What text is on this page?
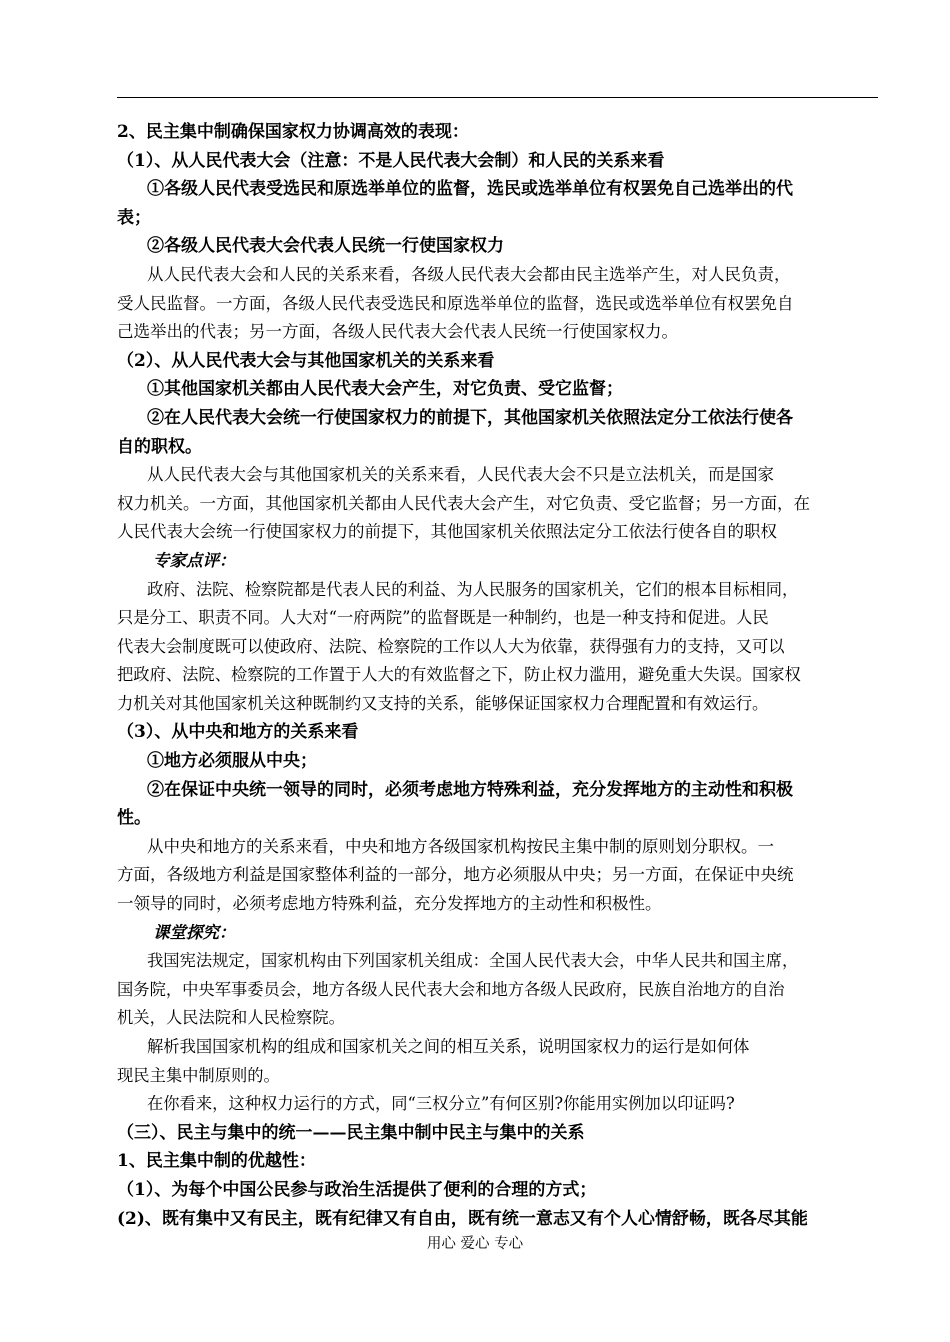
2、民主集中制确保国家权力协调高效的表现：
（1）、从人民代表大会（注意：不是人民代表大会制）和人民的关系来看
①各级人民代表受选民和原选举单位的监督，选民或选举单位有权罢免自己选举出的代
表；
②各级人民代表大会代表人民统一行使国家权力
从人民代表大会和人民的关系来看，各级人民代表大会都由民主选举产生，对人民负责，
受人民监督。一方面，各级人民代表受选民和原选举单位的监督，选民或选举单位有权罢免自
己选举出的代表；另一方面，各级人民代表大会代表人民统一行使国家权力。
（2）、从人民代表大会与其他国家机关的关系来看
①其他国家机关都由人民代表大会产生，对它负责、受它监督；
②在人民代表大会统一行使国家权力的前提下，其他国家机关依照法定分工依法行使各
自的职权。
从人民代表大会与其他国家机关的关系来看，人民代表大会不只是立法机关，而是国家
权力机关。一方面，其他国家机关都由人民代表大会产生，对它负责、受它监督；另一方面，在
人民代表大会统一行使国家权力的前提下，其他国家机关依照法定分工依法行使各自的职权
专家点评：
政府、法院、检察院都是代表人民的利益、为人民服务的国家机关，它们的根本目标相同，
只是分工、职责不同。人大对“一府两院”的监督既是一种制约，也是一种支持和促进。人民
代表大会制度既可以使政府、法院、检察院的工作以人大为依靠，获得强有力的支持，又可以
把政府、法院、检察院的工作置于人大的有效监督之下，防止权力滥用，避免重大失误。国家权
力机关对其他国家机关这种既制约又支持的关系，能够保证国家权力合理配置和有效运行。
（3）、从中央和地方的关系来看
①地方必须服从中央；
②在保证中央统一领导的同时，必须考虑地方特殊利益，充分发挥地方的主动性和积极
性。
从中央和地方的关系来看，中央和地方各级国家机构按民主集中制的原则划分职权。一
方面，各级地方利益是国家整体利益的一部分，地方必须服从中央；另一方面，在保证中央统
一领导的同时，必须考虑地方特殊利益，充分发挥地方的主动性和积极性。
课堂探究：
我国宪法规定，国家机构由下列国家机关组成：全国人民代表大会，中华人民共和国主席，
国务院，中央军事委员会，地方各级人民代表大会和地方各级人民政府，民族自治地方的自治
机关，人民法院和人民检察院。
解析我国国家机构的组成和国家机关之间的相互关系，说明国家权力的运行是如何体
现民主集中制原则的。
在你看来，这种权力运行的方式，同“三权分立”有何区别?你能用实例加以印证吗?
（三）、民主与集中的统一——民主集中制中民主与集中的关系
1、民主集中制的优越性：
（1）、为每个中国公民参与政治生活提供了便利的合理的方式；
(2)、既有集中又有民主，既有纪律又有自由，既有统一意志又有个人心情舒畅，既各尽其能
用心 爱心 专心
